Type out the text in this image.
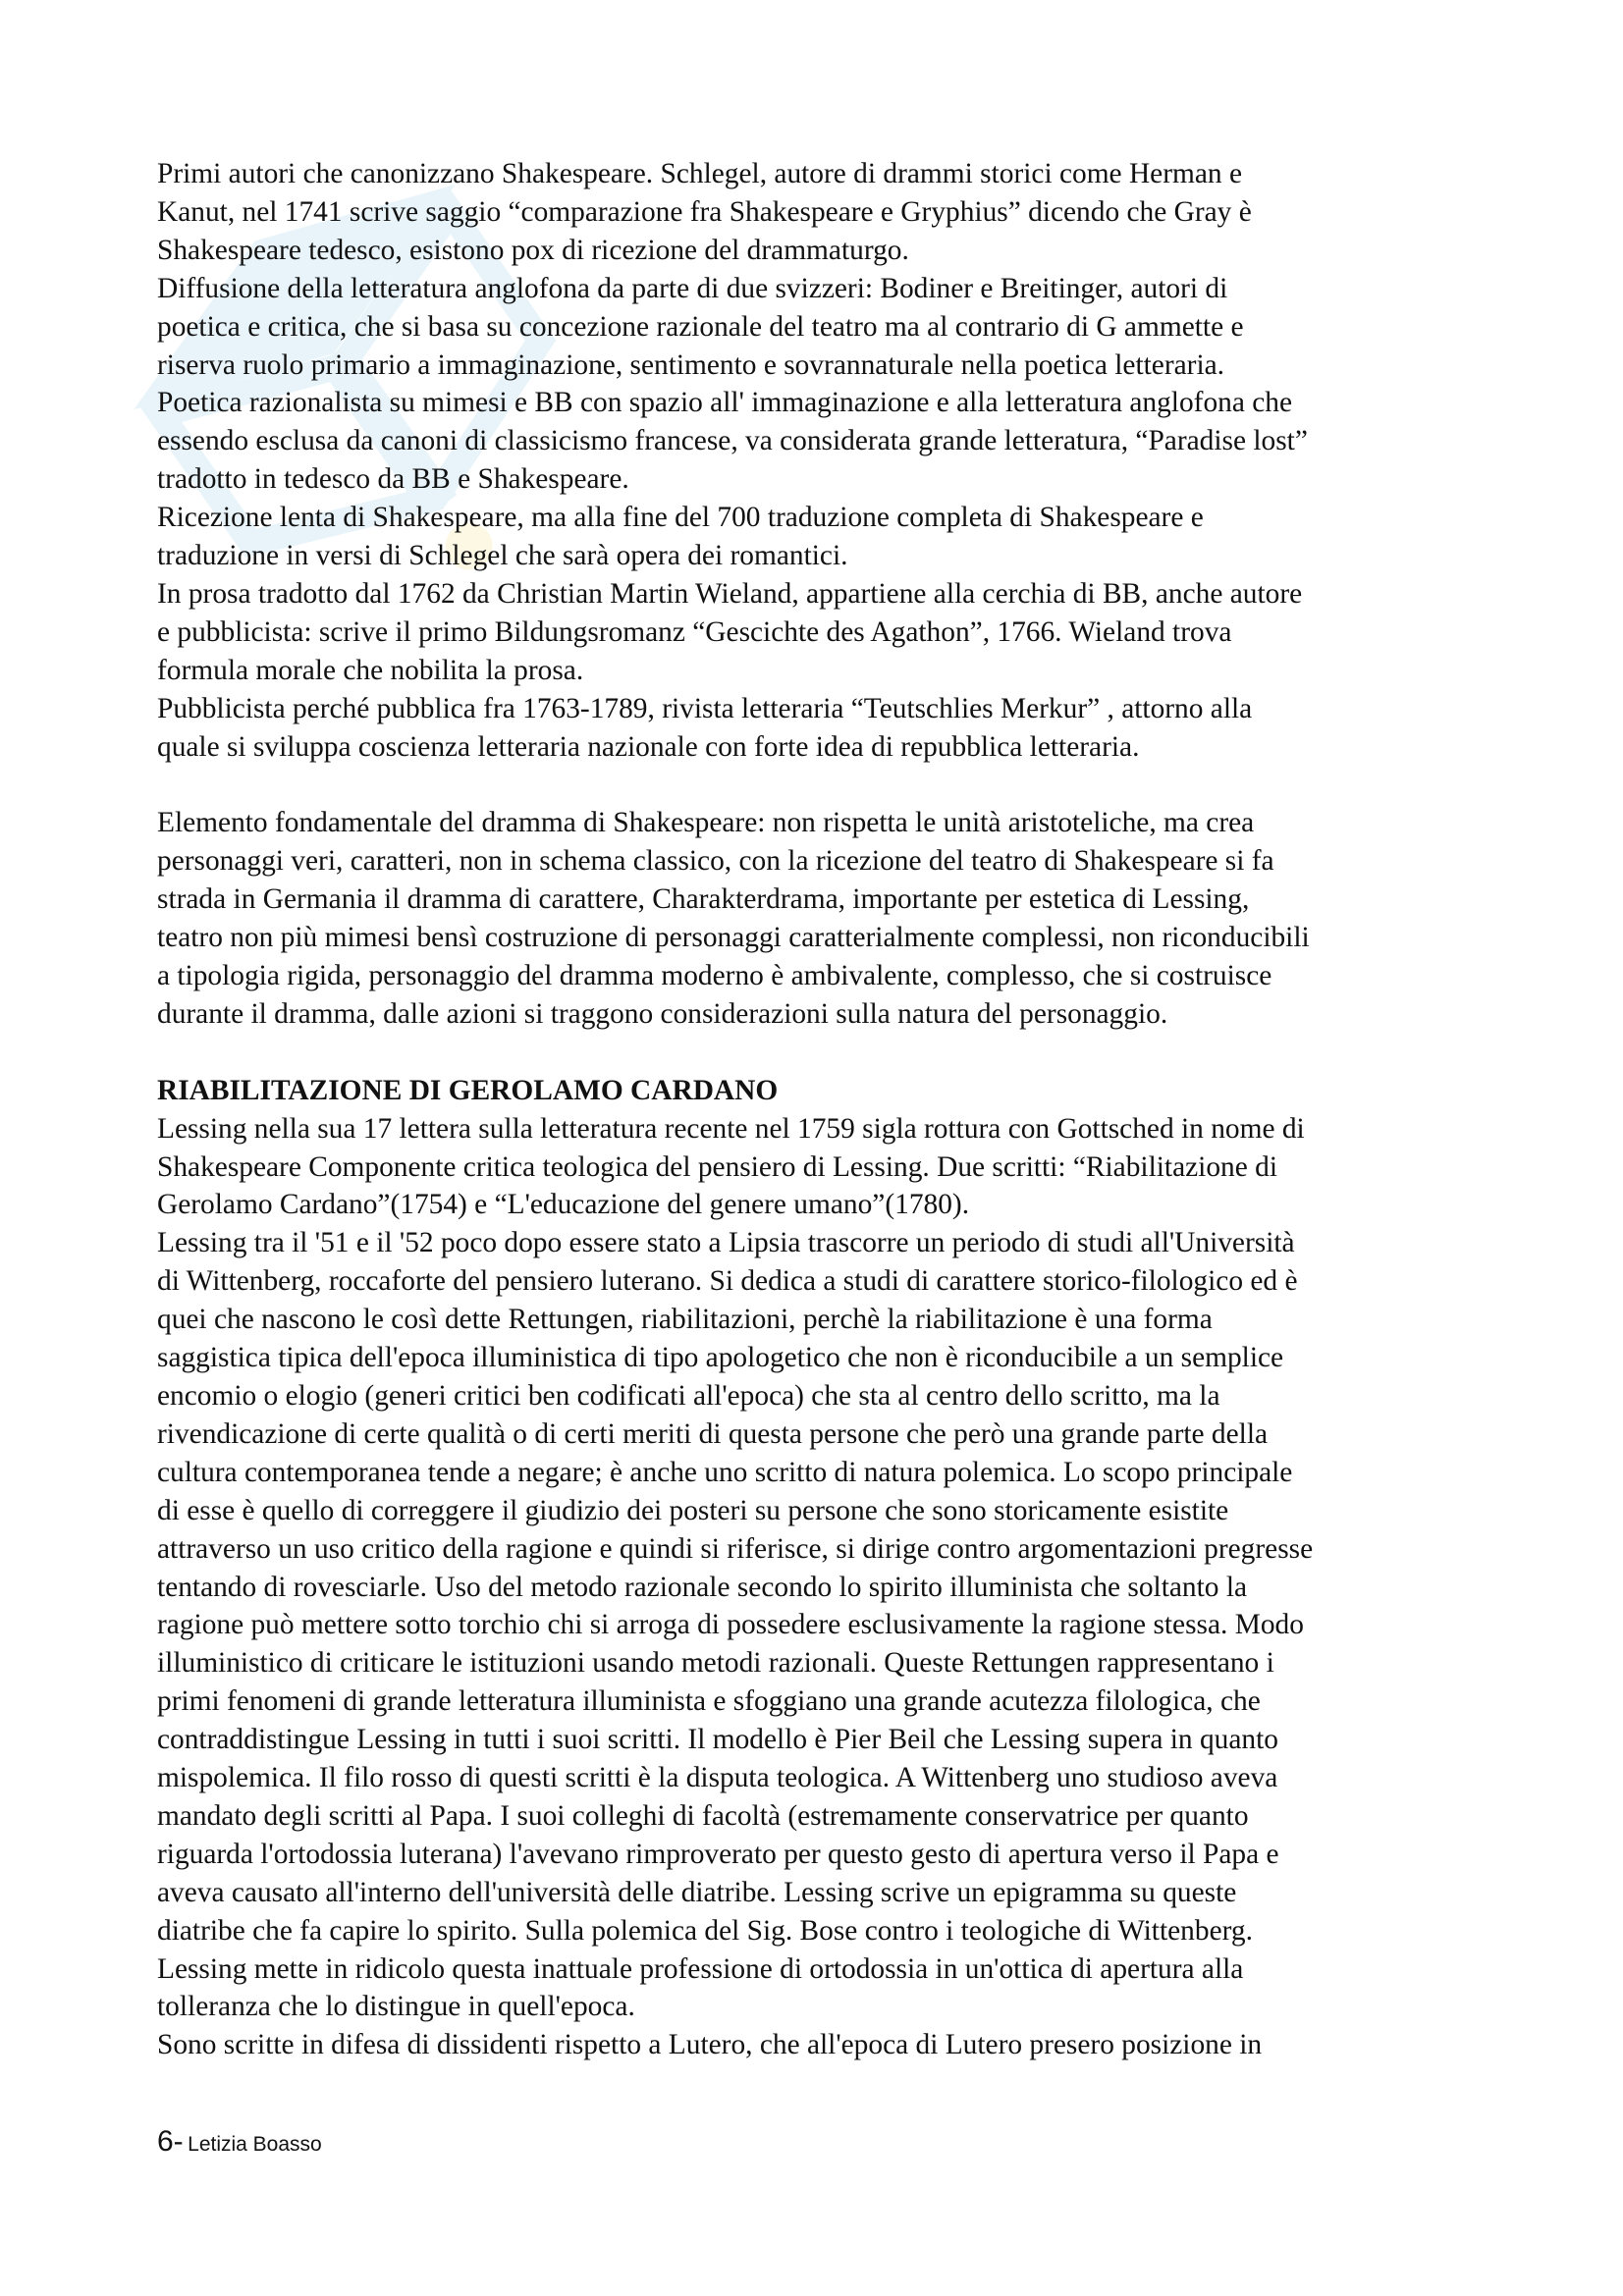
Primi autori che canonizzano Shakespeare. Schlegel, autore di drammi storici come Herman e

Kanut, nel 1741 scrive saggio “comparazione fra Shakespeare e Gryphius” dicendo che Gray è

Shakespeare tedesco, esistono pox di ricezione del drammaturgo.

Diffusione della letteratura anglofona da parte di due svizzeri: Bodiner e Breitinger, autori di

poetica e critica, che si basa su concezione razionale del teatro ma al contrario di G ammette e

riserva ruolo primario a immaginazione, sentimento e sovrannaturale nella poetica letteraria.

Poetica razionalista su mimesi e BB con spazio all' immaginazione e alla letteratura anglofona che

essendo esclusa da canoni di classicismo francese, va considerata grande letteratura, “Paradise lost”

tradotto in tedesco da BB e Shakespeare.

Ricezione lenta di Shakespeare, ma alla fine del 700 traduzione completa di Shakespeare e

traduzione in versi di Schlegel che sarà opera dei romantici.

In prosa tradotto dal 1762 da Christian Martin Wieland, appartiene alla cerchia di BB, anche autore

e pubblicista: scrive il primo Bildungsromanz “Gescichte des Agathon”, 1766. Wieland trova

formula morale che nobilita la prosa.

Pubblicista perché pubblica fra 1763-1789, rivista letteraria “Teutschlies Merkur” , attorno alla

quale si sviluppa coscienza letteraria nazionale con forte idea di repubblica letteraria.

Elemento fondamentale del dramma di Shakespeare: non rispetta le unità aristoteliche, ma crea

personaggi veri, caratteri, non in schema classico, con la ricezione del teatro di Shakespeare si fa

strada in Germania il dramma di carattere, Charakterdrama, importante per estetica di Lessing,

teatro non più mimesi bensì costruzione di personaggi caratterialmente complessi, non riconducibili

a tipologia rigida, personaggio del dramma moderno è ambivalente, complesso, che si costruisce

durante il dramma, dalle azioni si traggono considerazioni sulla natura del personaggio.

RIABILITAZIONE DI GEROLAMO CARDANO

Lessing nella sua 17 lettera sulla letteratura recente nel 1759 sigla rottura con Gottsched in nome di

Shakespeare Componente critica teologica del pensiero di Lessing. Due scritti: “Riabilitazione di

Gerolamo Cardano”(1754) e “L'educazione del genere umano”(1780).

Lessing tra il '51 e il '52 poco dopo essere stato a Lipsia trascorre un periodo di studi all'Università

di Wittenberg, roccaforte del pensiero luterano. Si dedica a studi di carattere storico-filologico ed è

quei che nascono le così dette Rettungen, riabilitazioni, perchè la riabilitazione è una forma

saggistica tipica dell'epoca illuministica di tipo apologetico che non è riconducibile a un semplice

encomio o elogio (generi critici ben codificati all'epoca) che sta al centro dello scritto, ma la

rivendicazione di certe qualità o di certi meriti di questa persone che però una grande parte della

cultura contemporanea tende a negare; è anche uno scritto di natura polemica. Lo scopo principale

di esse è quello di correggere il giudizio dei posteri su persone che sono storicamente esistite

attraverso un uso critico della ragione e quindi si riferisce, si dirige contro argomentazioni pregresse

tentando di rovesciarle. Uso del metodo razionale secondo lo spirito illuminista che soltanto la

ragione può mettere sotto torchio chi si arroga di possedere esclusivamente la ragione stessa. Modo

illuministico di criticare le istituzioni usando metodi razionali. Queste Rettungen rappresentano i

primi fenomeni di grande letteratura illuminista e sfoggiano una grande acutezza filologica, che

contraddistingue Lessing in tutti i suoi scritti. Il modello è Pier Beil che Lessing supera in quanto

mispolemica. Il filo rosso di questi scritti è la disputa teologica. A Wittenberg uno studioso aveva

mandato degli scritti al Papa. I suoi colleghi di facoltà (estremamente conservatrice per quanto

riguarda l'ortodossia luterana) l'avevano rimproverato per questo gesto di apertura verso il Papa e

aveva causato all'interno dell'università delle diatribe. Lessing scrive un epigramma su queste

diatribe che fa capire lo spirito. Sulla polemica del Sig. Bose contro i teologiche di Wittenberg.

Lessing mette in ridicolo questa inattuale professione di ortodossia in un'ottica di apertura alla

tolleranza che lo distingue in quell'epoca.

Sono scritte in difesa di dissidenti rispetto a Lutero, che all'epoca di Lutero presero posizione in

6- Letizia Boasso
